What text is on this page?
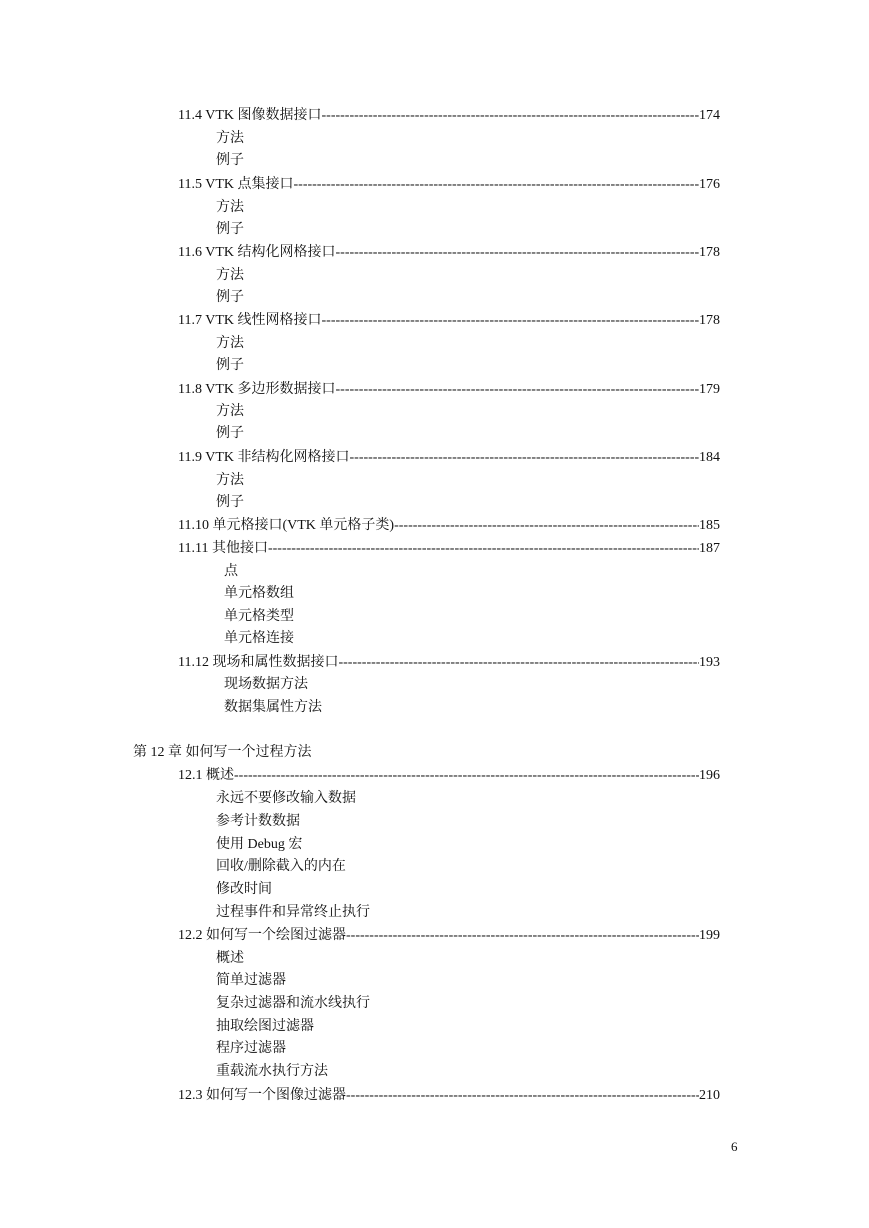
11.4 VTK 图像数据接口 -----	174
方法
例子
11.5 VTK 点集接口 -----	176
方法
例子
11.6 VTK 结构化网格接口 -----	178
方法
例子
11.7 VTK 线性网格接口 -----	178
方法
例子
11.8 VTK 多边形数据接口 -----	179
方法
例子
11.9 VTK 非结构化网格接口 -----	184
方法
例子
11.10 单元格接口(VTK 单元格子类) -----	185
11.11 其他接口 -----	187
点
单元格数组
单元格类型
单元格连接
11.12 现场和属性数据接口 -----	193
现场数据方法
数据集属性方法
第 12 章 如何写一个过程方法
12.1 概述 -----	196
永远不要修改输入数据
参考计数数据
使用 Debug 宏
回收/删除截入的内在
修改时间
过程事件和异常终止执行
12.2 如何写一个绘图过滤器 -----	199
概述
简单过滤器
复杂过滤器和流水线执行
抽取绘图过滤器
程序过滤器
重载流水执行方法
12.3 如何写一个图像过滤器 -----	210
6
